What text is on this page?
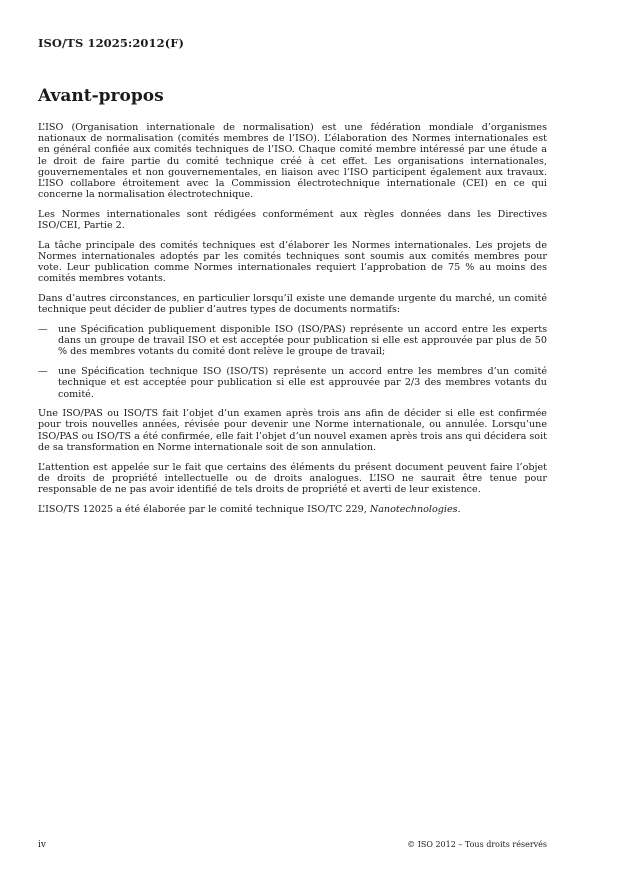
ISO/TS 12025:2012(F)
Avant-propos

L’ISO (Organisation internationale de normalisation) est une fédération mondiale d’organismes nationaux de normalisation (comités membres de l’ISO). L’élaboration des Normes internationales est en général confiée aux comités techniques de l’ISO. Chaque comité membre intéressé par une étude a le droit de faire partie du comité technique créé à cet effet. Les organisations internationales, gouvernementales et non gouvernementales, en liaison avec l’ISO participent également aux travaux. L’ISO collabore étroitement avec la Commission électrotechnique internationale (CEI) en ce qui concerne la normalisation électrotechnique.

Les Normes internationales sont rédigées conformément aux règles données dans les Directives ISO/CEI, Partie 2.

La tâche principale des comités techniques est d’élaborer les Normes internationales. Les projets de Normes internationales adoptés par les comités techniques sont soumis aux comités membres pour vote. Leur publication comme Normes internationales requiert l’approbation de 75 % au moins des comités membres votants.

Dans d’autres circonstances, en particulier lorsqu’il existe une demande urgente du marché, un comité technique peut décider de publier d’autres types de documents normatifs:

—	une Spécification publiquement disponible ISO (ISO/PAS) représente un accord entre les experts dans un groupe de travail ISO et est acceptée pour publication si elle est approuvée par plus de 50 % des membres votants du comité dont relève le groupe de travail;
—	une Spécification technique ISO (ISO/TS) représente un accord entre les membres d’un comité technique et est acceptée pour publication si elle est approuvée par 2/3 des membres votants du comité.

Une ISO/PAS ou ISO/TS fait l’objet d’un examen après trois ans afin de décider si elle est confirmée pour trois nouvelles années, révisée pour devenir une Norme internationale, ou annulée. Lorsqu’une ISO/PAS ou ISO/TS a été confirmée, elle fait l’objet d’un nouvel examen après trois ans qui décidera soit de sa transformation en Norme internationale soit de son annulation.

L’attention est appelée sur le fait que certains des éléments du présent document peuvent faire l’objet de droits de propriété intellectuelle ou de droits analogues. L’ISO ne saurait être tenue pour responsable de ne pas avoir identifié de tels droits de propriété et averti de leur existence.

L’ISO/TS 12025 a été élaborée par le comité technique ISO/TC 229, Nanotechnologies.

iv	© ISO 2012 – Tous droits réservés
